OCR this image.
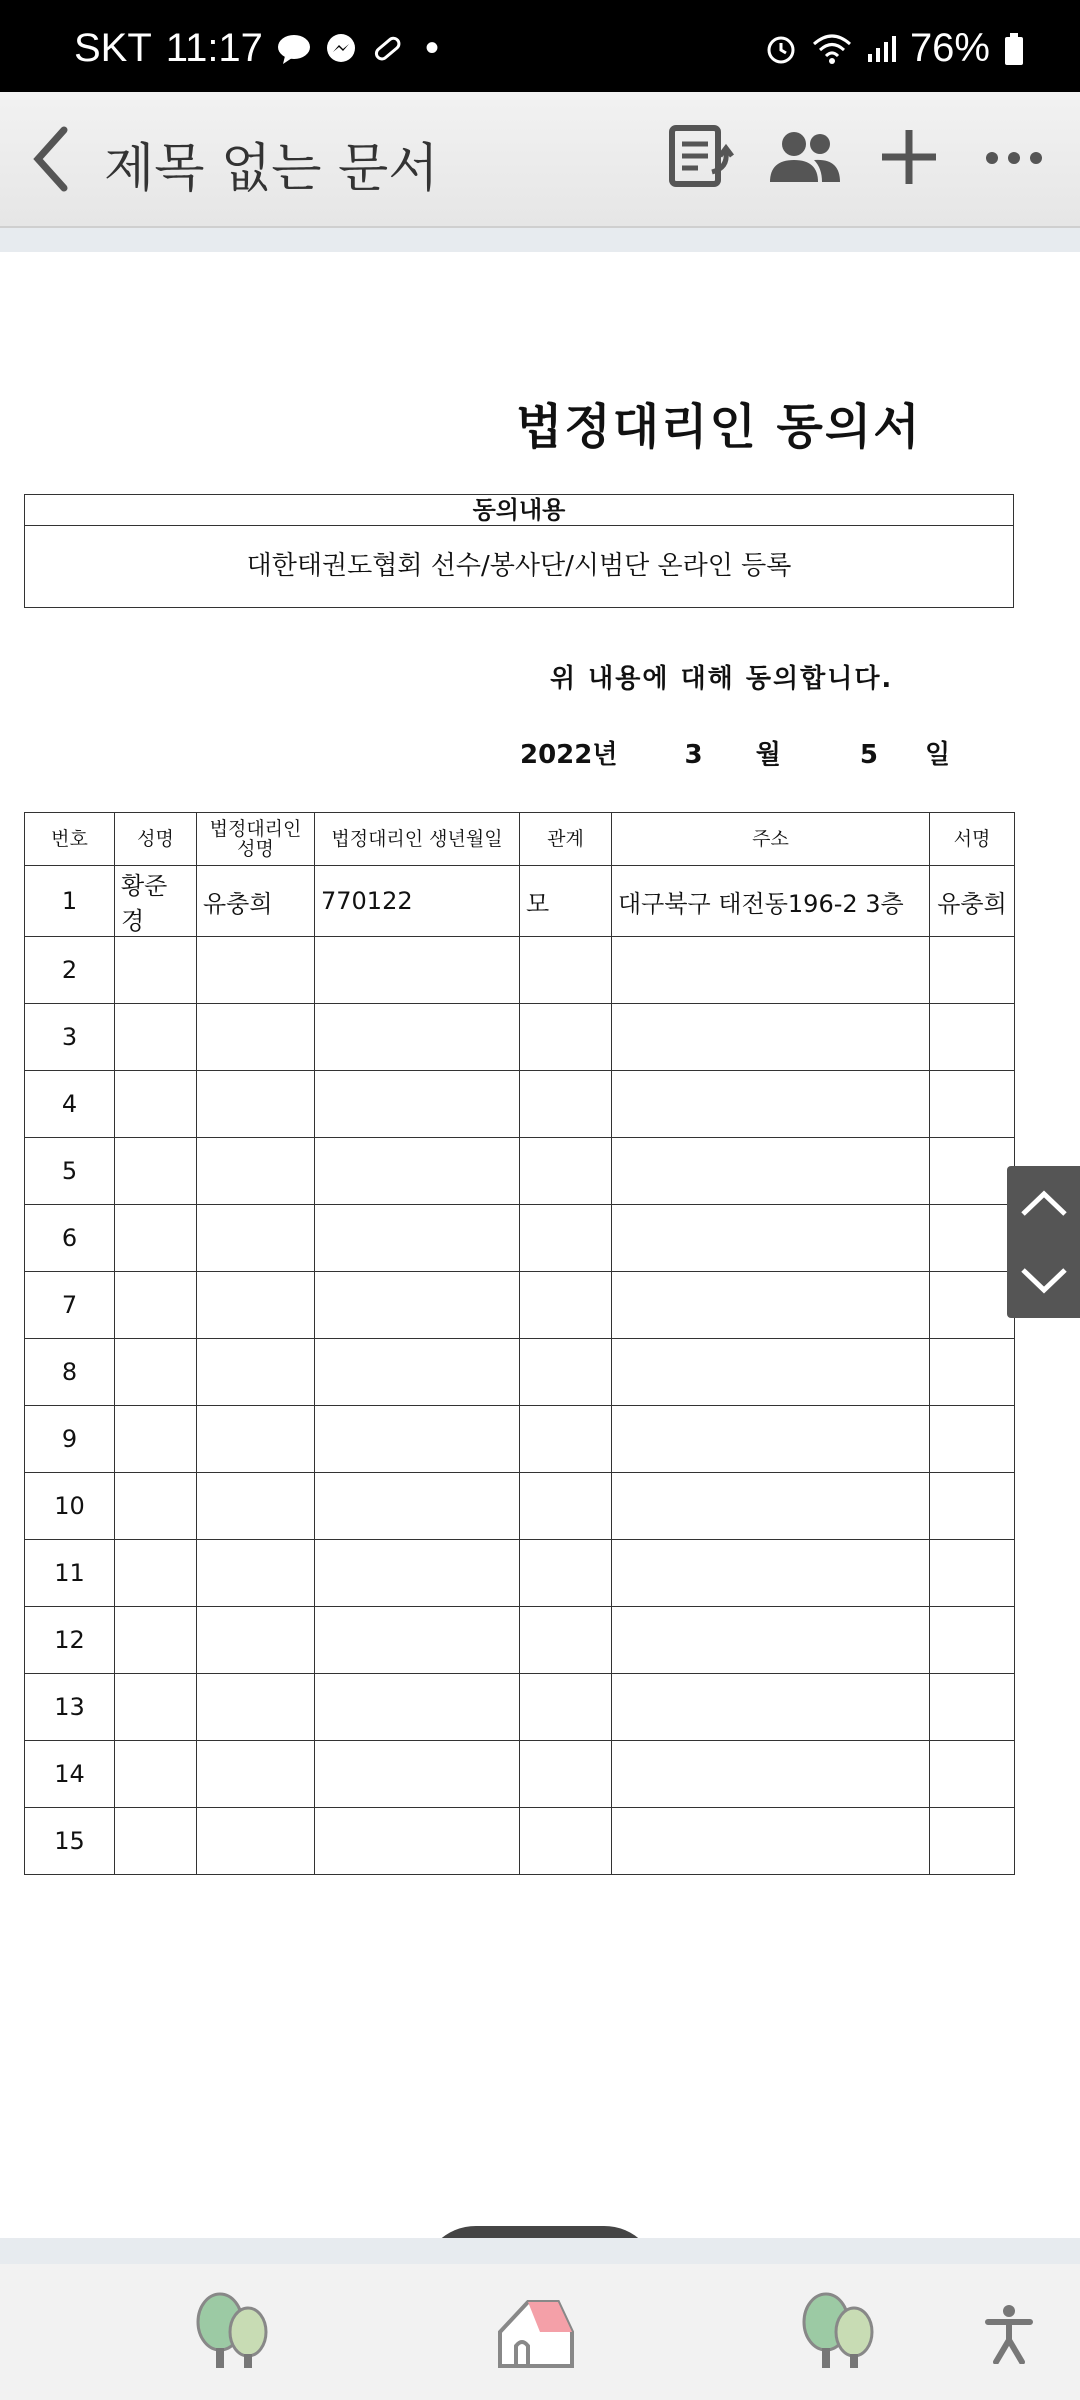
SKT 11:17	•	76%
제목 없는 문서
법정대리인 동의서
동의내용
대한태권도협회 선수/봉사단/시범단 온라인 등록
위 내용에 대해 동의합니다.
2022년	3 월	5 일
번호	성명	법정대리인 성명	법정대리인 생년월일	관계	주소	서명
1	황준경	유충희	770122	모	대구북구 태전동196-2 3층	유충희
2						
3						
4						
5						
6						
7						
8						
9						
10						
11						
12						
13						
14						
15						
